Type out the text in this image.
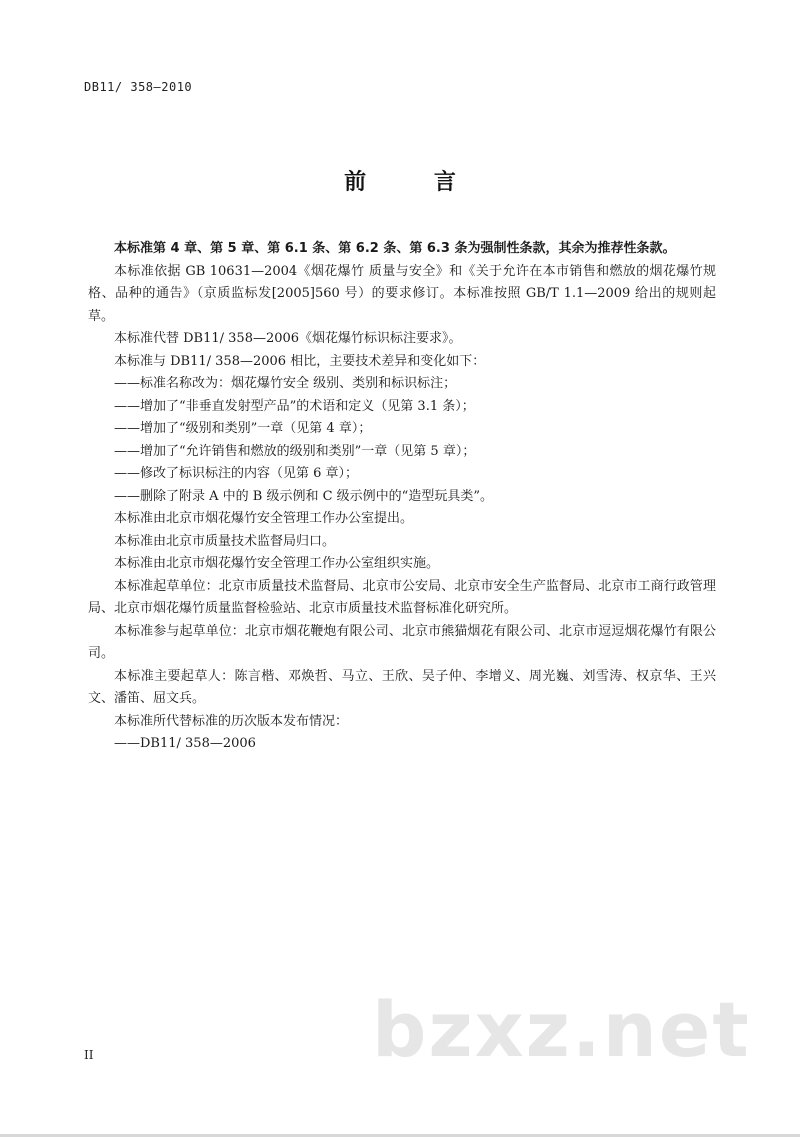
DB11/ 358—2010
前 言

本标准第 4 章、第 5 章、第 6.1 条、第 6.2 条、第 6.3 条为强制性条款，其余为推荐性条款。

本标准依据 GB 10631—2004《烟花爆竹 质量与安全》和《关于允许在本市销售和燃放的烟花爆竹规格、品种的通告》（京质监标发[2005]560 号）的要求修订。本标准按照 GB/T 1.1—2009 给出的规则起草。

本标准代替 DB11/ 358—2006《烟花爆竹标识标注要求》。

本标准与 DB11/ 358—2006 相比，主要技术差异和变化如下：

——标准名称改为：烟花爆竹安全 级别、类别和标识标注；

——增加了“非垂直发射型产品”的术语和定义（见第 3.1 条）；

——增加了“级别和类别”一章（见第 4 章）；

——增加了“允许销售和燃放的级别和类别”一章（见第 5 章）；

——修改了标识标注的内容（见第 6 章）；

——删除了附录 A 中的 B 级示例和 C 级示例中的“造型玩具类”。

本标准由北京市烟花爆竹安全管理工作办公室提出。

本标准由北京市质量技术监督局归口。

本标准由北京市烟花爆竹安全管理工作办公室组织实施。

本标准起草单位：北京市质量技术监督局、北京市公安局、北京市安全生产监督局、北京市工商行政管理局、北京市烟花爆竹质量监督检验站、北京市质量技术监督标准化研究所。

本标准参与起草单位：北京市烟花鞭炮有限公司、北京市熊猫烟花有限公司、北京市逗逗烟花爆竹有限公司。

本标准主要起草人：陈言楷、邓焕哲、马立、王欣、吴子仲、李增义、周光巍、刘雪涛、权京华、王兴文、潘笛、屈文兵。

本标准所代替标准的历次版本发布情况：

——DB11/ 358—2006

bzxz.net
II
